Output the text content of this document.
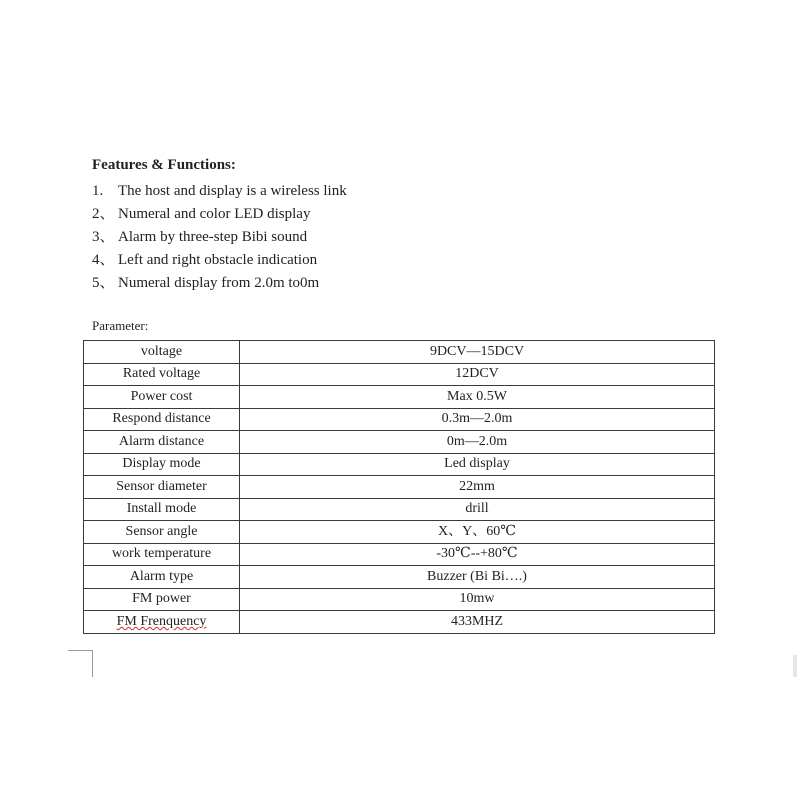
Features & Functions:
1. The host and display is a wireless link
2、 Numeral and color LED display
3、 Alarm by three-step Bibi sound
4、 Left and right obstacle indication
5、 Numeral display from 2.0m to0m
Parameter:
voltage	9DCV—15DCV
Rated voltage	12DCV
Power cost	Max 0.5W
Respond distance	0.3m—2.0m
Alarm distance	0m—2.0m
Display mode	Led display
Sensor diameter	22mm
Install mode	drill
Sensor angle	X、Y、60℃
work temperature	-30℃--+80℃
Alarm type	Buzzer (Bi Bi….)
FM power	10mw
FM Frenquency	433MHZ
